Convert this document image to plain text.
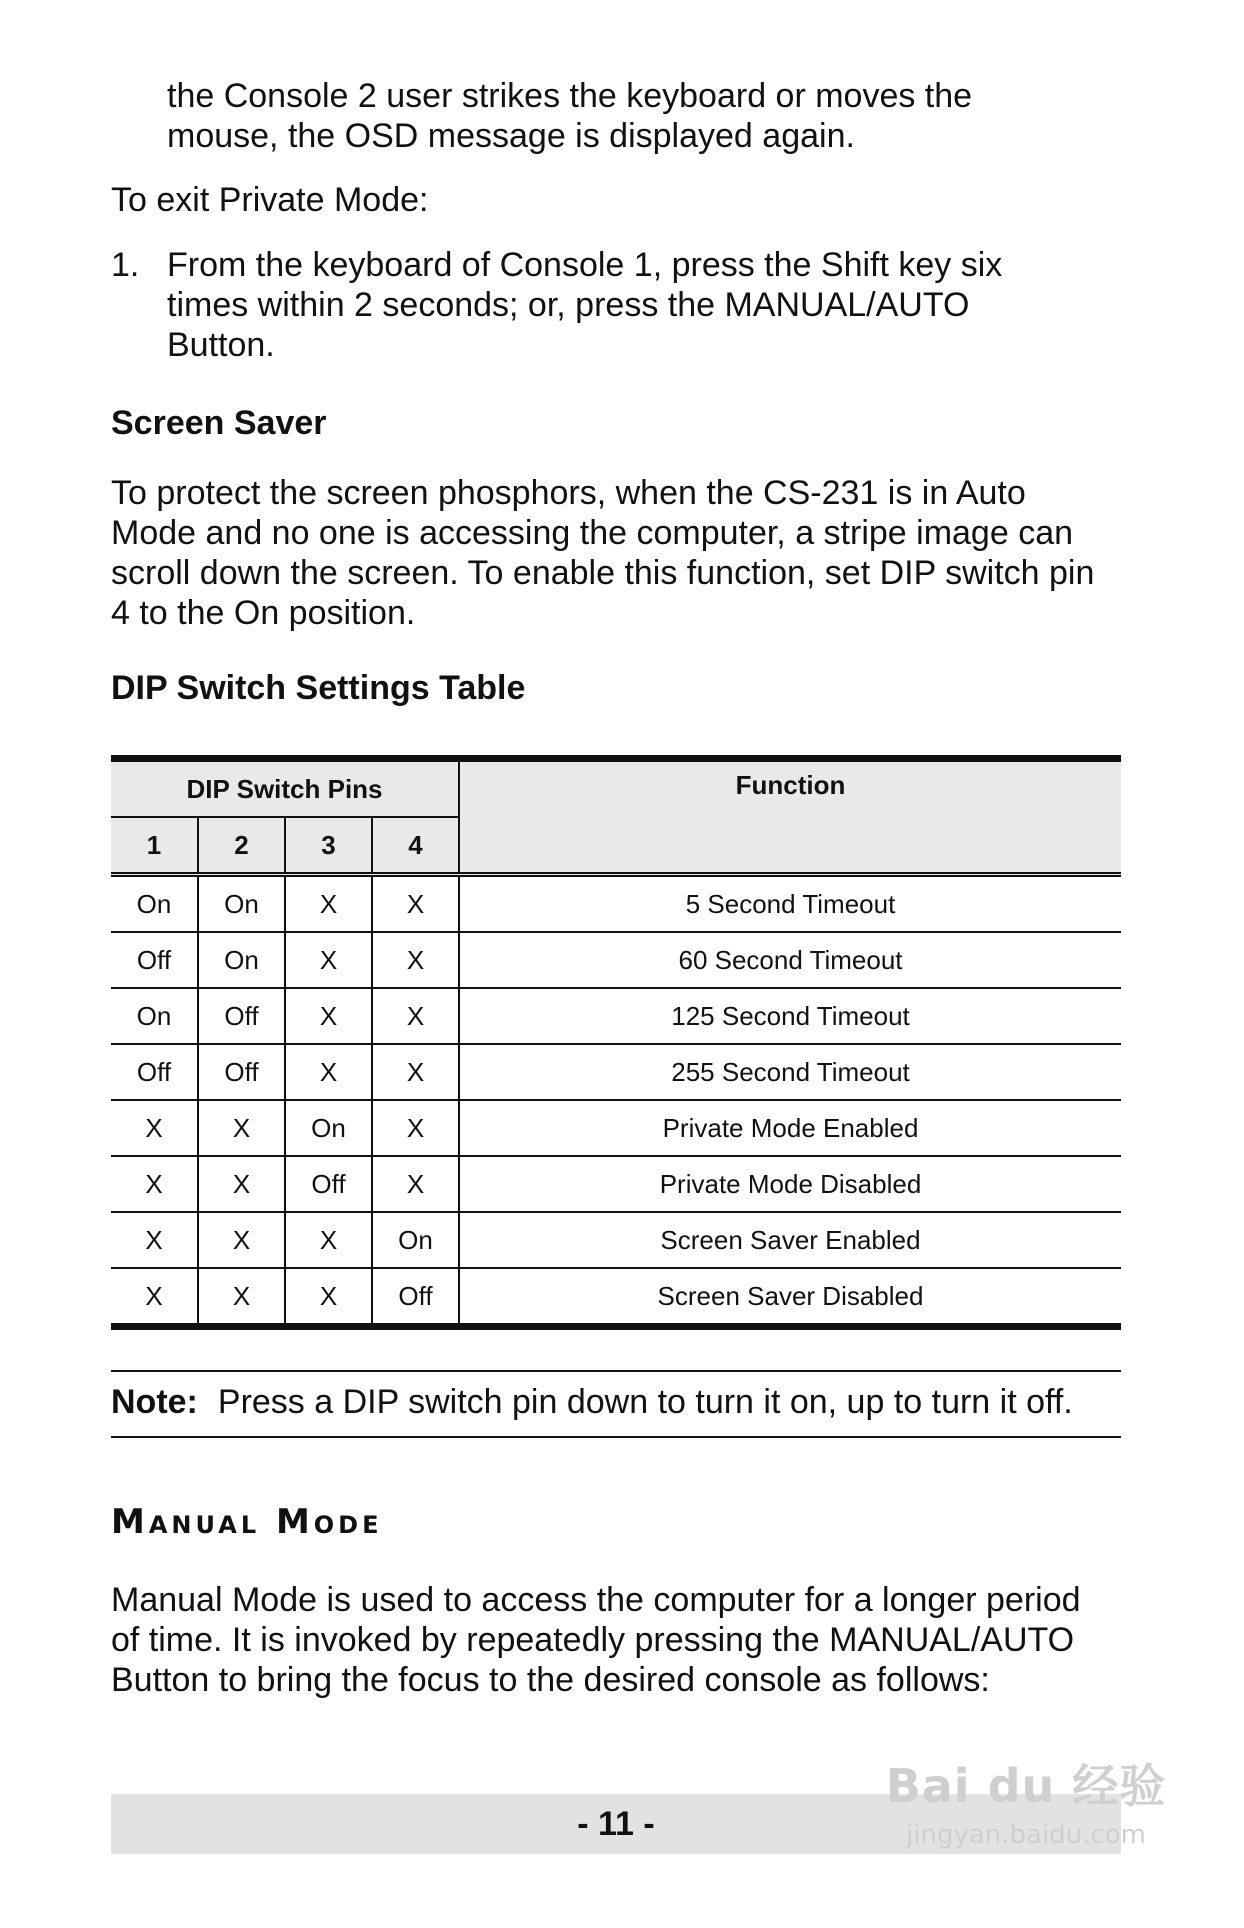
the Console 2 user strikes the keyboard or moves the

mouse, the OSD message is displayed again.

To exit Private Mode:

1. From the keyboard of Console 1, press the Shift key six

times within 2 seconds; or, press the MANUAL/AUTO

Button.

Screen Saver

To protect the screen phosphors, when the CS-231 is in Auto

Mode and no one is accessing the computer, a stripe image can

scroll down the screen. To enable this function, set DIP switch pin

4 to the On position.

DIP Switch Settings Table
DIP Switch Pins				Function
1	2	3	4	
On	On	X	X	5 Second Timeout
Off	On	X	X	60 Second Timeout
On	Off	X	X	125 Second Timeout
Off	Off	X	X	255 Second Timeout
X	X	On	X	Private Mode Enabled
X	X	Off	X	Private Mode Disabled
X	X	X	On	Screen Saver Enabled
X	X	X	Off	Screen Saver Disabled
Note: Press a DIP switch pin down to turn it on, up to turn it off.
Manual Mode

Manual Mode is used to access the computer for a longer period

of time. It is invoked by repeatedly pressing the MANUAL/AUTO

Button to bring the focus to the desired console as follows:

- 11 -
Bai du 经验
jingyan.baidu.com
